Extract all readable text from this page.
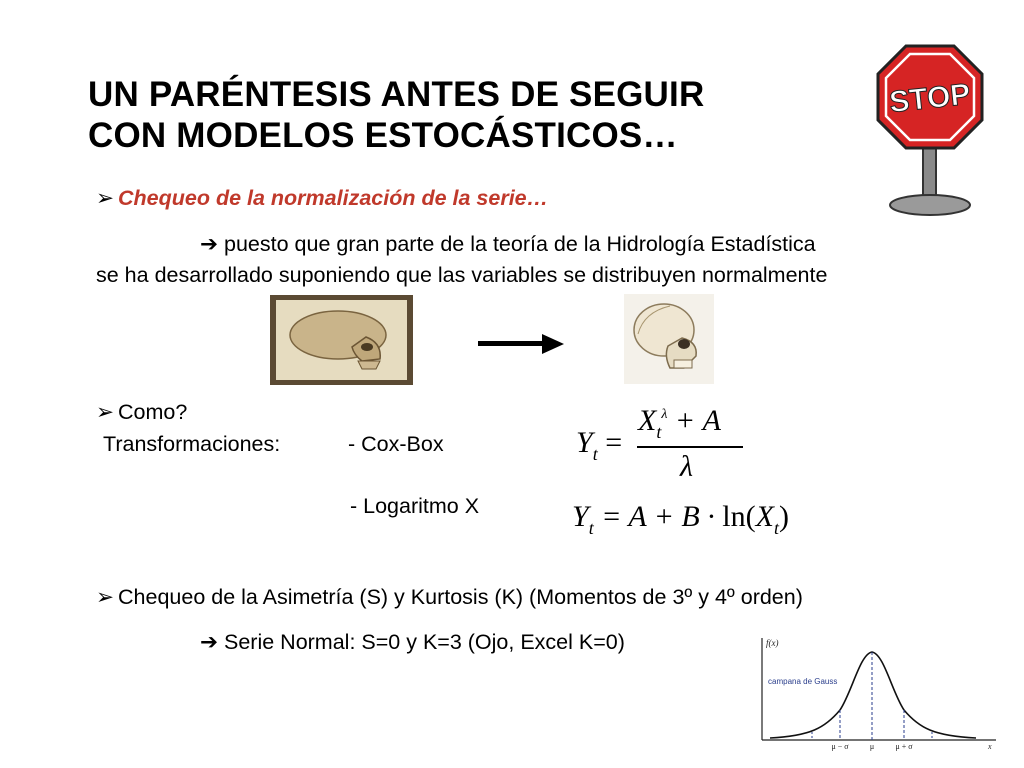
UN PARÉNTESIS ANTES DE SEGUIR
CON MODELOS ESTOCÁSTICOS…
STOP
➢ Chequeo de la normalización de la serie…
➔ puesto que gran parte de la teoría de la Hidrología Estadística
se ha desarrollado suponiendo que las variables se distribuyen normalmente
➢ Como?
Transformaciones:	- Cox-Box
- Logaritmo X
$Y_t$ =
$X_t^\lambda + A$
λ
$Y_t = A + B \cdot \ln(X_t)$
➢ Chequeo de la Asimetría (S) y Kurtosis (K) (Momentos de 3º y 4º orden)
➔ Serie Normal: S=0 y K=3 (Ojo, Excel K=0)	f(x)
campana de Gauss
μ − σ	μ	μ + σ	x
